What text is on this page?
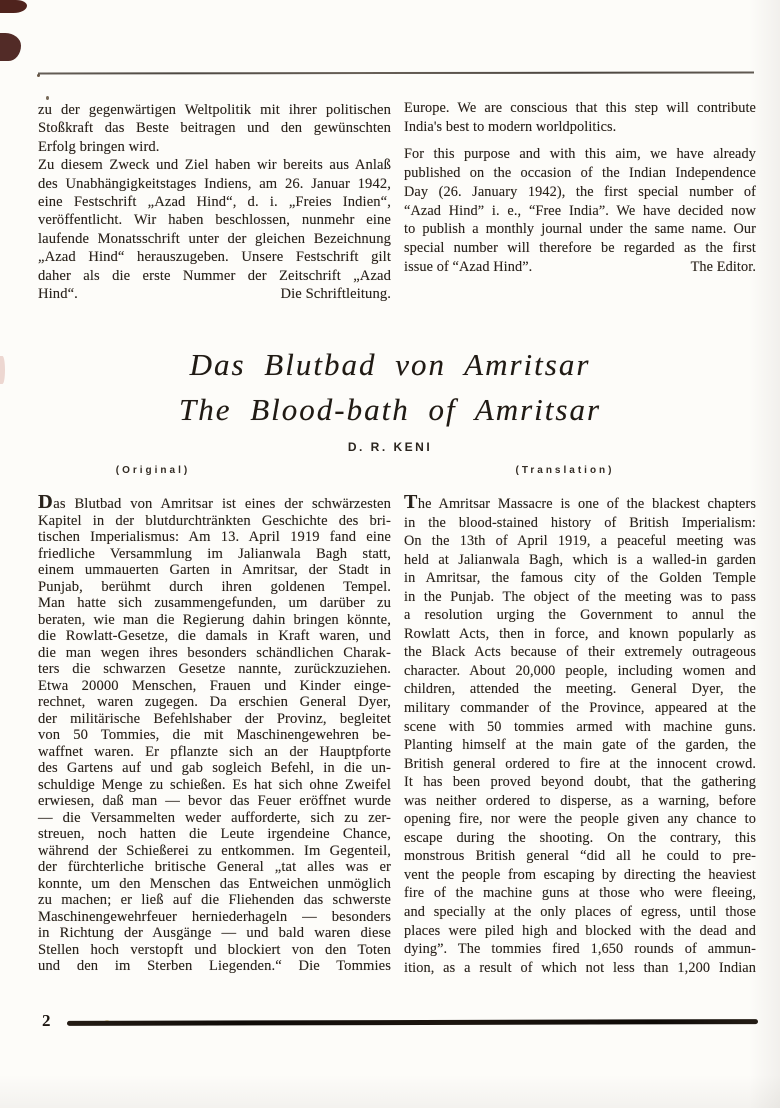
zu der gegenwärtigen Weltpolitik mit ihrer politischen
Stoßkraft das Beste beitragen und den gewünschten
Erfolg bringen wird.
Zu diesem Zweck und Ziel haben wir bereits aus Anlaß
des Unabhängigkeitstages Indiens, am 26. Januar 1942,
eine Festschrift „Azad Hind“, d. i. „Freies Indien“,
veröffentlicht. Wir haben beschlossen, nunmehr eine
laufende Monatsschrift unter der gleichen Bezeichnung
„Azad Hind“ herauszugeben. Unsere Festschrift gilt
daher als die erste Nummer der Zeitschrift „Azad
Hind“.	Die Schriftleitung.
Europe. We are conscious that this step will contribute
India's best to modern worldpolitics.
For this purpose and with this aim, we have already
published on the occasion of the Indian Independence
Day (26. January 1942), the first special number of
“Azad Hind” i. e., “Free India”. We have decided now
to publish a monthly journal under the same name. Our
special number will therefore be regarded as the first
issue of “Azad Hind”.	The Editor.
Das Blutbad von Amritsar
The Blood-bath of Amritsar
D. R. KENI
(Original)	(Translation)
Das Blutbad von Amritsar ist eines der schwärzesten
Kapitel in der blutdurchtränkten Geschichte des bri-
tischen Imperialismus: Am 13. April 1919 fand eine
friedliche Versammlung im Jalianwala Bagh statt,
einem ummauerten Garten in Amritsar, der Stadt in
Punjab, berühmt durch ihren goldenen Tempel.
Man hatte sich zusammengefunden, um darüber zu
beraten, wie man die Regierung dahin bringen könnte,
die Rowlatt-Gesetze, die damals in Kraft waren, und
die man wegen ihres besonders schändlichen Charak-
ters die schwarzen Gesetze nannte, zurückzuziehen.
Etwa 20000 Menschen, Frauen und Kinder einge-
rechnet, waren zugegen. Da erschien General Dyer,
der militärische Befehlshaber der Provinz, begleitet
von 50 Tommies, die mit Maschinengewehren be-
waffnet waren. Er pflanzte sich an der Hauptpforte
des Gartens auf und gab sogleich Befehl, in die un-
schuldige Menge zu schießen. Es hat sich ohne Zweifel
erwiesen, daß man — bevor das Feuer eröffnet wurde
— die Versammelten weder aufforderte, sich zu zer-
streuen, noch hatten die Leute irgendeine Chance,
während der Schießerei zu entkommen. Im Gegenteil,
der fürchterliche britische General „tat alles was er
konnte, um den Menschen das Entweichen unmöglich
zu machen; er ließ auf die Fliehenden das schwerste
Maschinengewehrfeuer herniederhageln — besonders
in Richtung der Ausgänge — und bald waren diese
Stellen hoch verstopft und blockiert von den Toten
und den im Sterben Liegenden.“ Die Tommies
The Amritsar Massacre is one of the blackest chapters
in the blood-stained history of British Imperialism:
On the 13th of April 1919, a peaceful meeting was
held at Jalianwala Bagh, which is a walled-in garden
in Amritsar, the famous city of the Golden Temple
in the Punjab. The object of the meeting was to pass
a resolution urging the Government to annul the
Rowlatt Acts, then in force, and known popularly as
the Black Acts because of their extremely outrageous
character. About 20,000 people, including women and
children, attended the meeting. General Dyer, the
military commander of the Province, appeared at the
scene with 50 tommies armed with machine guns.
Planting himself at the main gate of the garden, the
British general ordered to fire at the innocent crowd.
It has been proved beyond doubt, that the gathering
was neither ordered to disperse, as a warning, before
opening fire, nor were the people given any chance to
escape during the shooting. On the contrary, this
monstrous British general “did all he could to pre-
vent the people from escaping by directing the heaviest
fire of the machine guns at those who were fleeing,
and specially at the only places of egress, until those
places were piled high and blocked with the dead and
dying”. The tommies fired 1,650 rounds of ammun-
ition, as a result of which not less than 1,200 Indian
2
